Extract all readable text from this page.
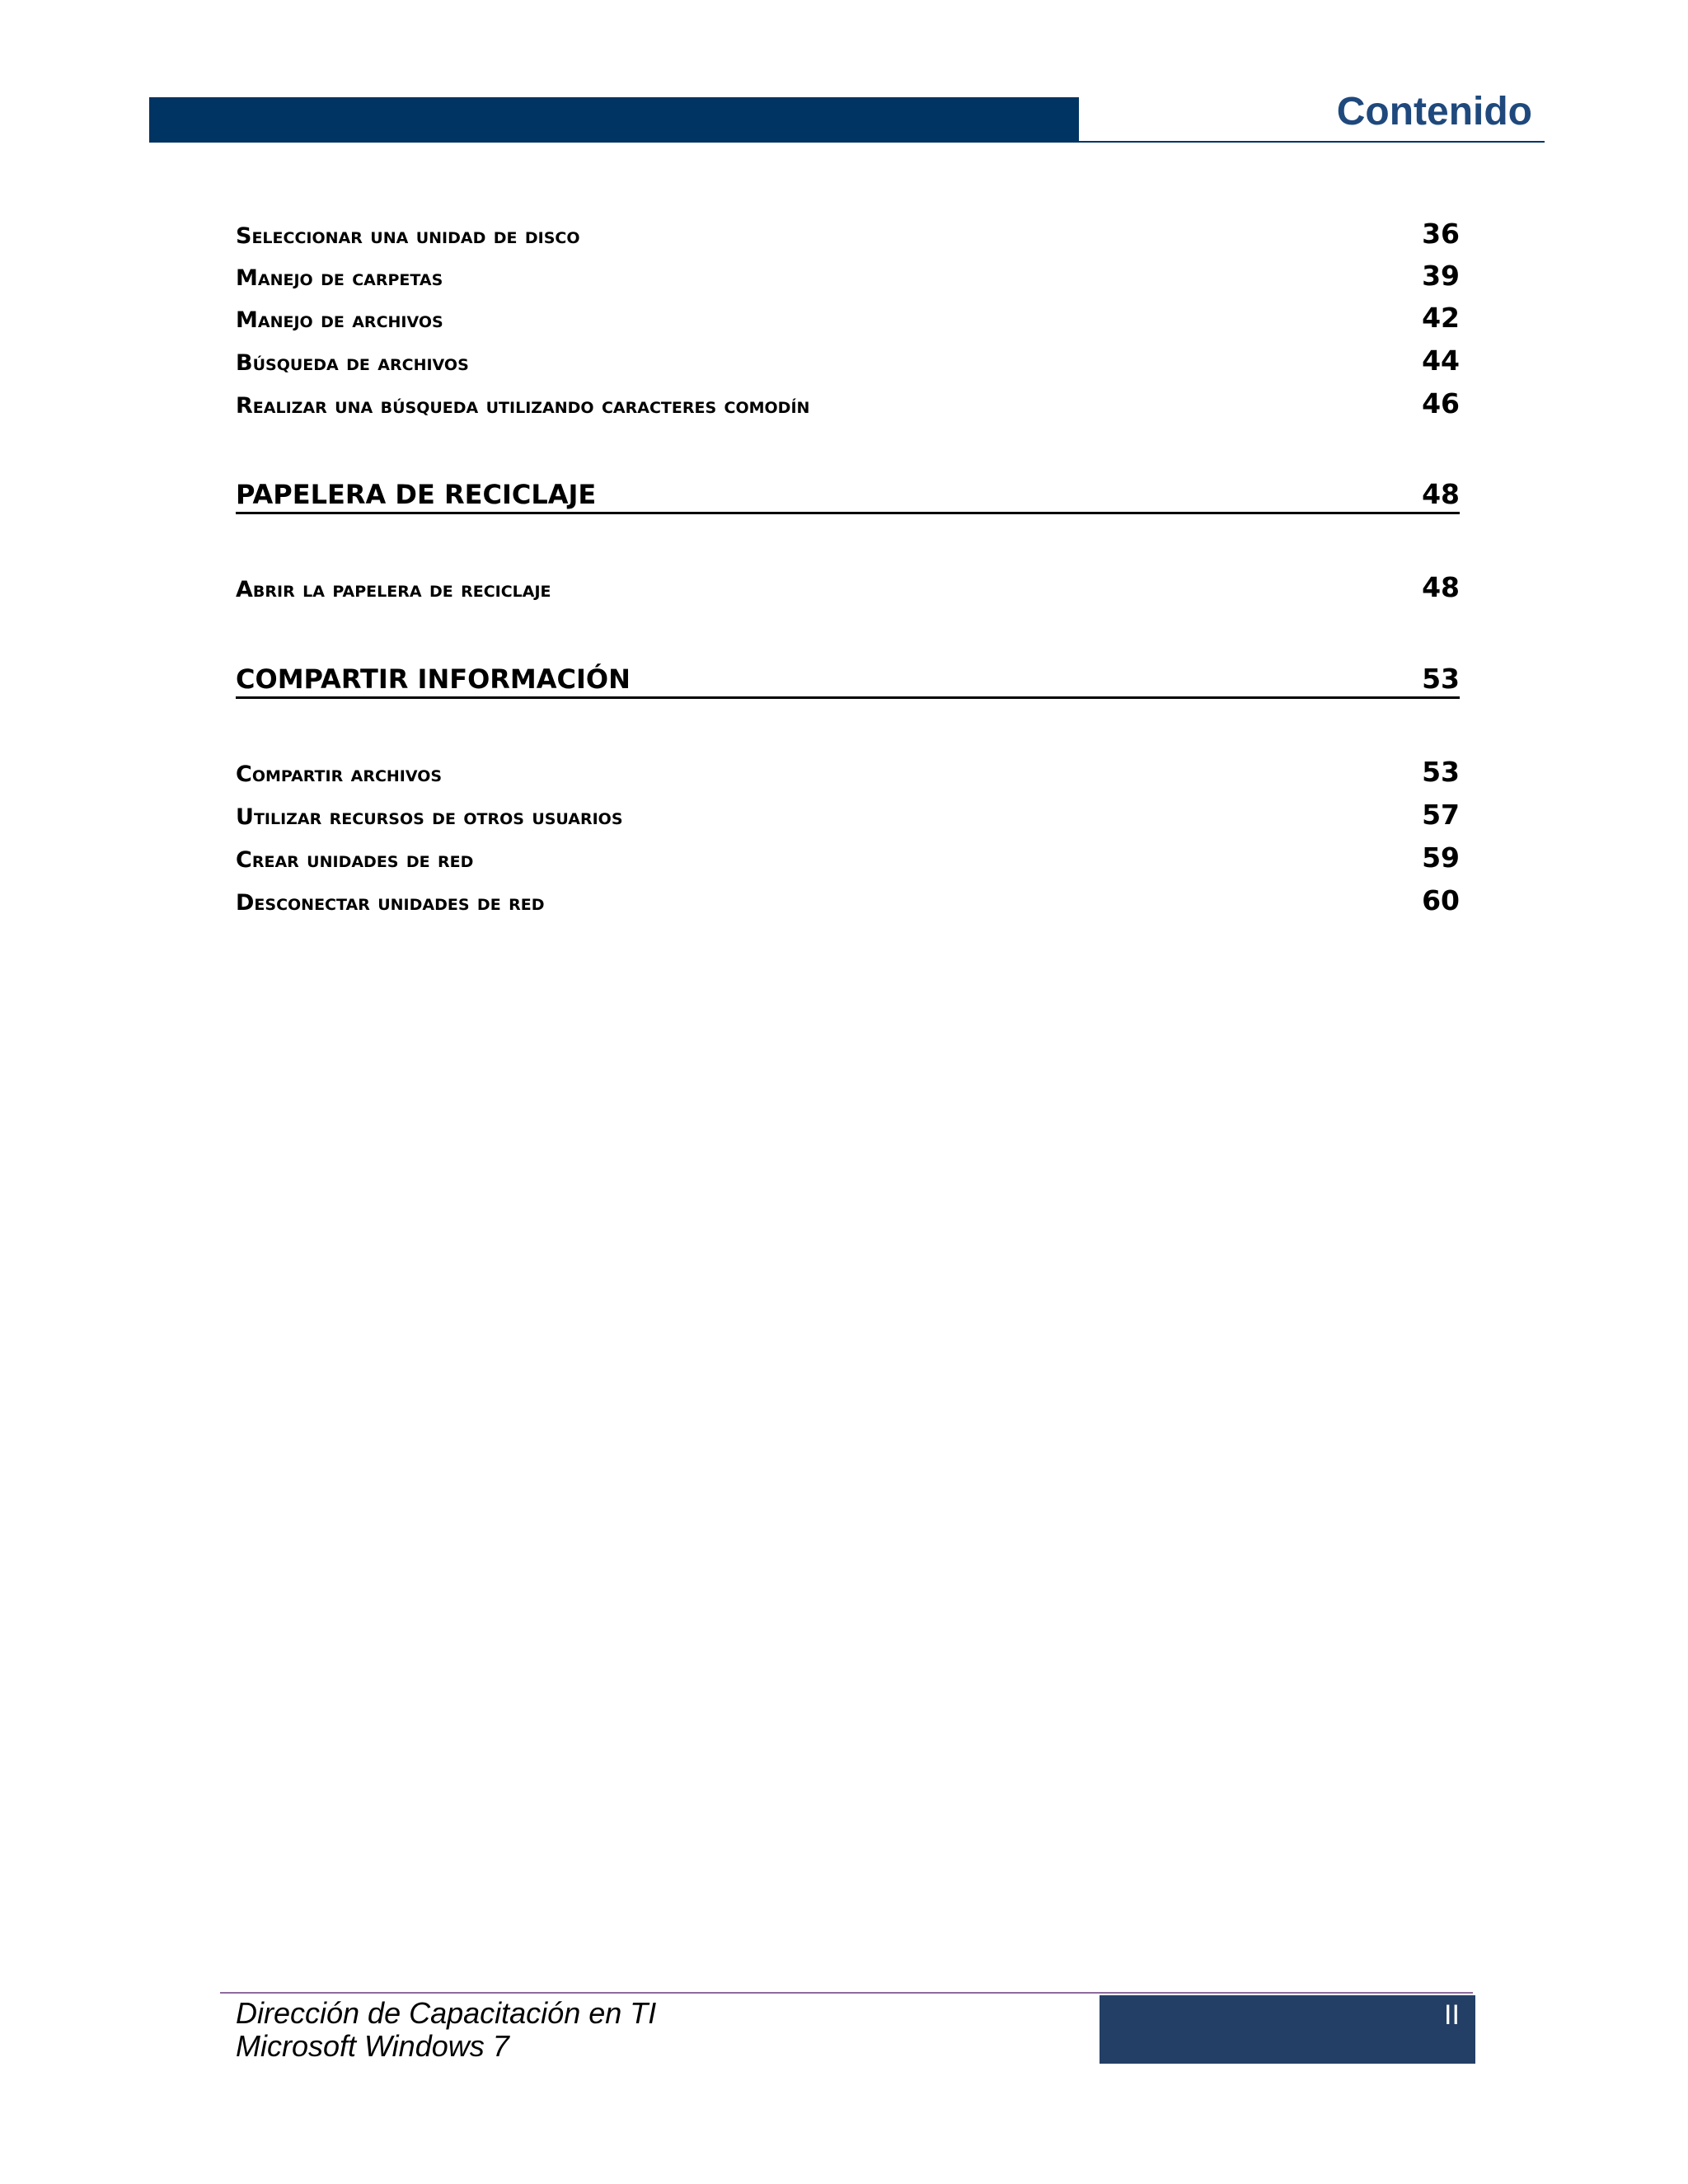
Contenido
Seleccionar una unidad de disco	36
Manejo de carpetas	39
Manejo de archivos	42
Búsqueda de archivos	44
Realizar una búsqueda utilizando caracteres comodín	46
PAPELERA DE RECICLAJE	48
Abrir la papelera de reciclaje	48
COMPARTIR INFORMACIÓN	53
Compartir archivos	53
Utilizar recursos de otros usuarios	57
Crear unidades de red	59
Desconectar unidades de red	60
II
Dirección de Capacitación en TI
Microsoft Windows 7
